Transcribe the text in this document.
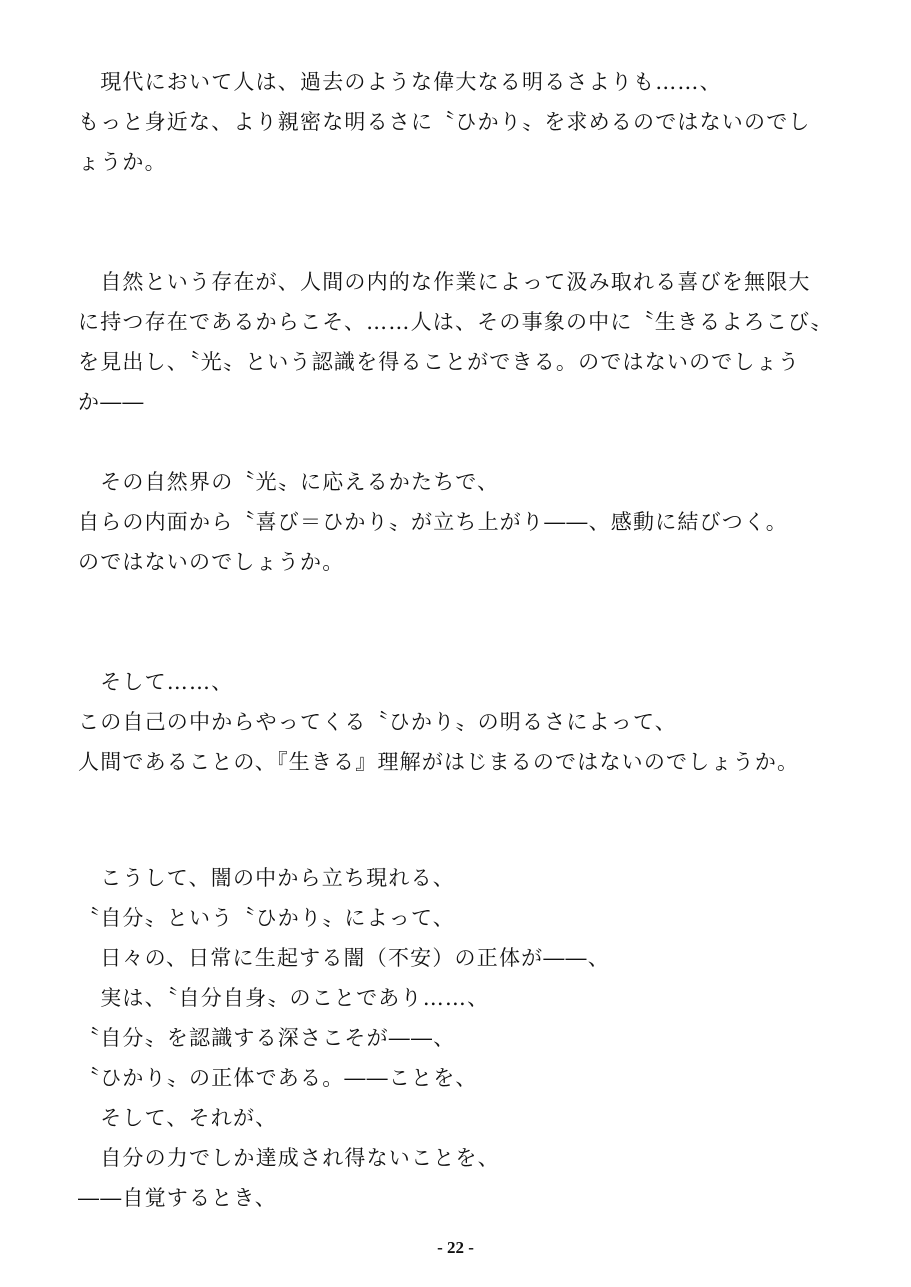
　現代において人は、過去のような偉大なる明るさよりも……、
もっと身近な、より親密な明るさに〝ひかり〟を求めるのではないのでし
ょうか。
　自然という存在が、人間の内的な作業によって汲み取れる喜びを無限大
に持つ存在であるからこそ、……人は、その事象の中に〝生きるよろこび〟
を見出し、〝光〟という認識を得ることができる。のではないのでしょう
か――
　その自然界の〝光〟に応えるかたちで、
自らの内面から〝喜び＝ひかり〟が立ち上がり――、感動に結びつく。
のではないのでしょうか。
　そして……、
この自己の中からやってくる〝ひかり〟の明るさによって、
人間であることの、『生きる』理解がはじまるのではないのでしょうか。
　こうして、闇の中から立ち現れる、
〝自分〟という〝ひかり〟によって、
　日々の、日常に生起する闇（不安）の正体が――、
　実は、〝自分自身〟のことであり……、
〝自分〟を認識する深さこそが――、
〝ひかり〟の正体である。――ことを、
　そして、それが、
　自分の力でしか達成され得ないことを、
――自覚するとき、
- 22 -
